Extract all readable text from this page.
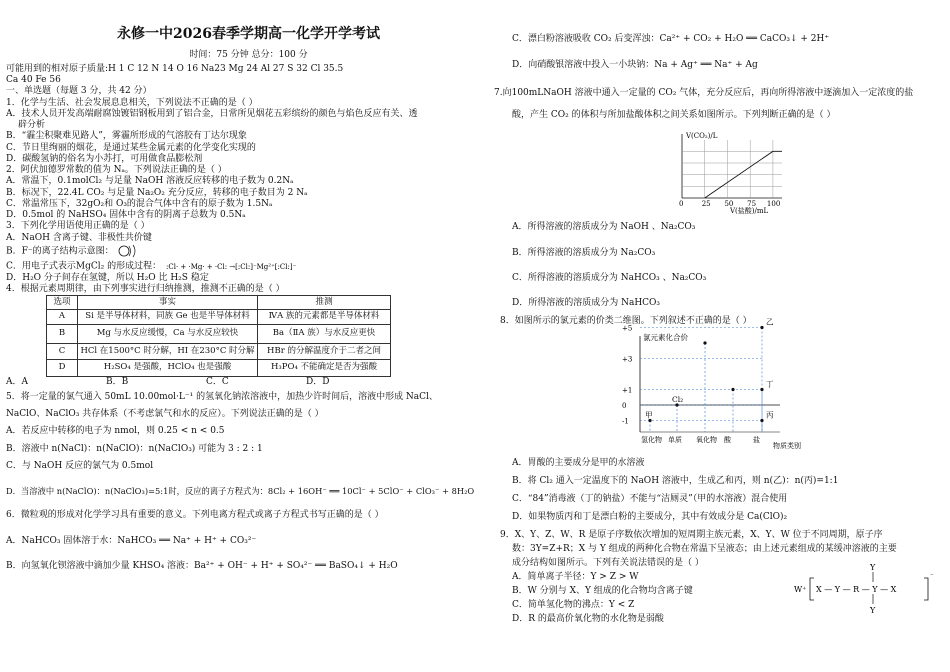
永修一中2026春季学期高一化学开学考试
时间：75 分钟 总分：100 分
可能用到的相对原子质量:H 1 C 12 N 14 O 16 Na23 Mg 24 Al 27 S 32 Cl 35.5
Ca 40 Fe 56
一、单选题（每题 3 分，共 42 分）
1．化学与生活、社会发展息息相关，下列说法不正确的是（ ）
A．技术人员开发高端耐腐蚀镀铝钢板用到了铝合金，日常所见烟花五彩缤纷的颜色与焰色反应有关、透
辟分析
B．“霾尘积聚难见路人”，雾霾所形成的气溶胶有丁达尔现象
C．节日里绚丽的烟花，是通过某些金属元素的化学变化实现的
D．碳酸氢钠的俗名为小苏打，可用做食品膨松剂
2．阿伏加德罗常数的值为 Nₐ。下列说法正确的是（ ）
A．常温下，0.1molCl₂ 与足量 NaOH 溶液反应转移的电子数为 0.2Nₐ
B．标况下，22.4L CO₂ 与足量 Na₂O₂ 充分反应，转移的电子数目为 2 Nₐ
C．常温常压下，32gO₂和 O₃的混合气体中含有的原子数为 1.5Nₐ
D．0.5mol 的 NaHSO₄ 固体中含有的阴离子总数为 0.5Nₐ
3．下列化学用语使用正确的是（ ）
A．NaOH 含离子键、非极性共价键
B．F⁻的离子结构示意图：
C．用电子式表示MgCl₂ 的形成过程： :Cl· + ·Mg· + ·Cl: →[:Cl:]⁻Mg²⁺[:Cl:]⁻
D．H₂O 分子间存在氢键，所以 H₂O 比 H₂S 稳定
4．根据元素周期律，由下列事实进行归纳推测，推测不正确的是（ ）
选项	事实	推测
A	Si 是半导体材料，同族 Ge 也是半导体材料	ⅣA 族的元素都是半导体材料
B	Mg 与水反应缓慢，Ca 与水反应较快	Ba（ⅡA 族）与水反应更快
C	HCl 在1500°C 时分解，HI 在230°C 时分解	HBr 的分解温度介于二者之间
D	H₂SO₄ 是强酸，HClO₄ 也是强酸	H₃PO₄ 不能确定是否为强酸
A．A	B．B	C．C	D．D
5．将一定量的氯气通入 50mL 10.00mol·L⁻¹ 的氢氧化钠浓溶液中，加热少许时间后，溶液中形成 NaCl、
NaClO、NaClO₃ 共存体系（不考虑氯气和水的反应）。下列说法正确的是（ ）
A．若反应中转移的电子为 nmol，则 0.25 < n < 0.5
B．溶液中 n(NaCl)：n(NaClO)：n(NaClO₃) 可能为 3 : 2 : 1
C．与 NaOH 反应的氯气为 0.5mol
D．当溶液中 n(NaClO)：n(NaClO₃)=5:1时，反应的离子方程式为：8Cl₂ + 16OH⁻ ══ 10Cl⁻ + 5ClO⁻ + ClO₃⁻ + 8H₂O
6．微粒观的形成对化学学习具有重要的意义。下列电离方程式或离子方程式书写正确的是（ ）
A．NaHCO₃ 固体溶于水：NaHCO₃ ══ Na⁺ + H⁺ + CO₃²⁻
B．向氢氧化钡溶液中滴加少量 KHSO₄ 溶液：Ba²⁺ + OH⁻ + H⁺ + SO₄²⁻ ══ BaSO₄↓ + H₂O
C．漂白粉溶液吸收 CO₂ 后变浑浊：Ca²⁺ + CO₂ + H₂O ══ CaCO₃↓ + 2H⁺
D．向硝酸银溶液中投入一小块钠：Na + Ag⁺ ══ Na⁺ + Ag
7.向100mLNaOH 溶液中通入一定量的 CO₂ 气体，充分反应后，再向所得溶液中逐滴加入一定浓度的盐
酸，产生 CO₂ 的体积与所加盐酸体积之间关系如图所示。下列判断正确的是（ ）
V(CO₂)/L
0	25 50 75 100
V(盐酸)/mL
A．所得溶液的溶质成分为 NaOH 、Na₂CO₃
B．所得溶液的溶质成分为 Na₂CO₃
C．所得溶液的溶质成分为 NaHCO₃ 、Na₂CO₃
D．所得溶液的溶质成分为 NaHCO₃
8．如图所示的氯元素的价类二维图。下列叙述不正确的是（ ）
氯元素化合价
-1
0
+1
+3
+5
氢化物 单质 氧化物 酸	盐
甲
Cl₂
乙
丁
丙
物质类别
A．胃酸的主要成分是甲的水溶液
B．将 Cl₂ 通入一定温度下的 NaOH 溶液中，生成乙和丙，则 n(乙)：n(丙)=1:1
C．“84”消毒液（丁的钠盐）不能与“洁厕灵”（甲的水溶液）混合使用
D．如果物质丙和丁是漂白粉的主要成分，其中有效成分是 Ca(ClO)₂
9．X、Y、Z、W、R 是原子序数依次增加的短周期主族元素，X、Y、W 位于不同周期，原子序
数：3Y=Z+R；X 与 Y 组成的两种化合物在常温下呈液态；由上述元素组成的某缓冲溶液的主要
成分结构如图所示。下列有关说法错误的是（ ）
A．简单离子半径：Y > Z > W
B．W 分别与 X、Y 组成的化合物均含离子键
C．简单氢化物的沸点：Y < Z
D．R 的最高价氧化物的水化物是弱酸
W⁺ X — Y — R — Y — X
Y
Y
⁻
